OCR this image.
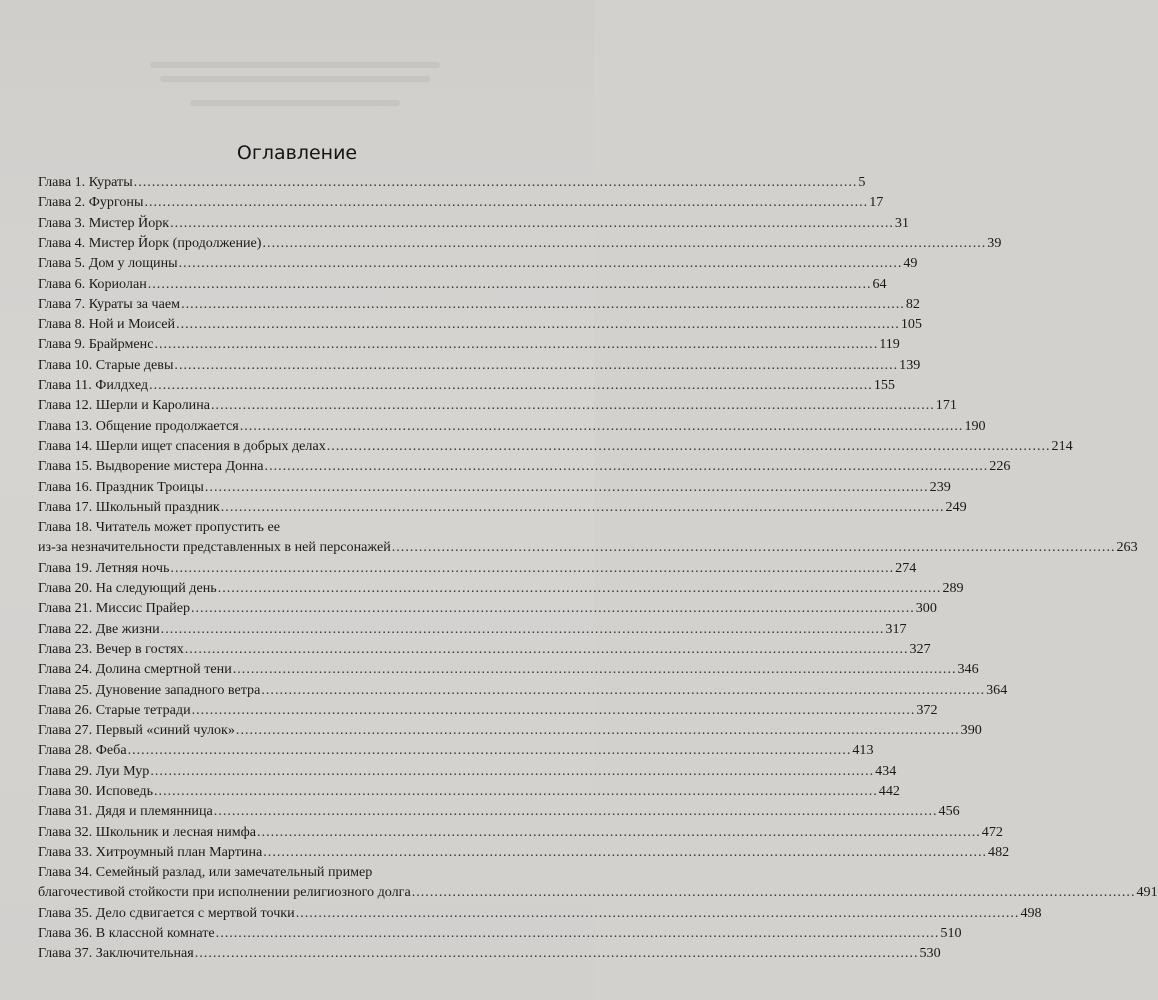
Оглавление
Глава 1. Кураты ................................................................................................................................................................ 5
Глава 2. Фургоны ................................................................................................................................................................ 17
Глава 3. Мистер Йорк ................................................................................................................................................................ 31
Глава 4. Мистер Йорк (продолжение) ................................................................................................................................................................ 39
Глава 5. Дом у лощины ................................................................................................................................................................ 49
Глава 6. Кориолан ................................................................................................................................................................ 64
Глава 7. Кураты за чаем ................................................................................................................................................................ 82
Глава 8. Ной и Моисей ................................................................................................................................................................ 105
Глава 9. Брайрменс ................................................................................................................................................................ 119
Глава 10. Старые девы ................................................................................................................................................................ 139
Глава 11. Филдхед ................................................................................................................................................................ 155
Глава 12. Шерли и Каролина ................................................................................................................................................................ 171
Глава 13. Общение продолжается ................................................................................................................................................................ 190
Глава 14. Шерли ищет спасения в добрых делах ................................................................................................................................................................ 214
Глава 15. Выдворение мистера Донна ................................................................................................................................................................ 226
Глава 16. Праздник Троицы ................................................................................................................................................................ 239
Глава 17. Школьный праздник ................................................................................................................................................................ 249
Глава 18. Читатель может пропустить ее
из-за незначительности представленных в ней персонажей ................................................................................................................................................................ 263
Глава 19. Летняя ночь ................................................................................................................................................................ 274
Глава 20. На следующий день ................................................................................................................................................................ 289
Глава 21. Миссис Прайер ................................................................................................................................................................ 300
Глава 22. Две жизни ................................................................................................................................................................ 317
Глава 23. Вечер в гостях ................................................................................................................................................................ 327
Глава 24. Долина смертной тени ................................................................................................................................................................ 346
Глава 25. Дуновение западного ветра ................................................................................................................................................................ 364
Глава 26. Старые тетради ................................................................................................................................................................ 372
Глава 27. Первый «синий чулок» ................................................................................................................................................................ 390
Глава 28. Феба ................................................................................................................................................................ 413
Глава 29. Луи Мур ................................................................................................................................................................ 434
Глава 30. Исповедь ................................................................................................................................................................ 442
Глава 31. Дядя и племянница ................................................................................................................................................................ 456
Глава 32. Школьник и лесная нимфа ................................................................................................................................................................ 472
Глава 33. Хитроумный план Мартина ................................................................................................................................................................ 482
Глава 34. Семейный разлад, или замечательный пример
благочестивой стойкости при исполнении религиозного долга ................................................................................................................................................................ 491
Глава 35. Дело сдвигается с мертвой точки ................................................................................................................................................................ 498
Глава 36. В классной комнате ................................................................................................................................................................ 510
Глава 37. Заключительная ................................................................................................................................................................ 530
